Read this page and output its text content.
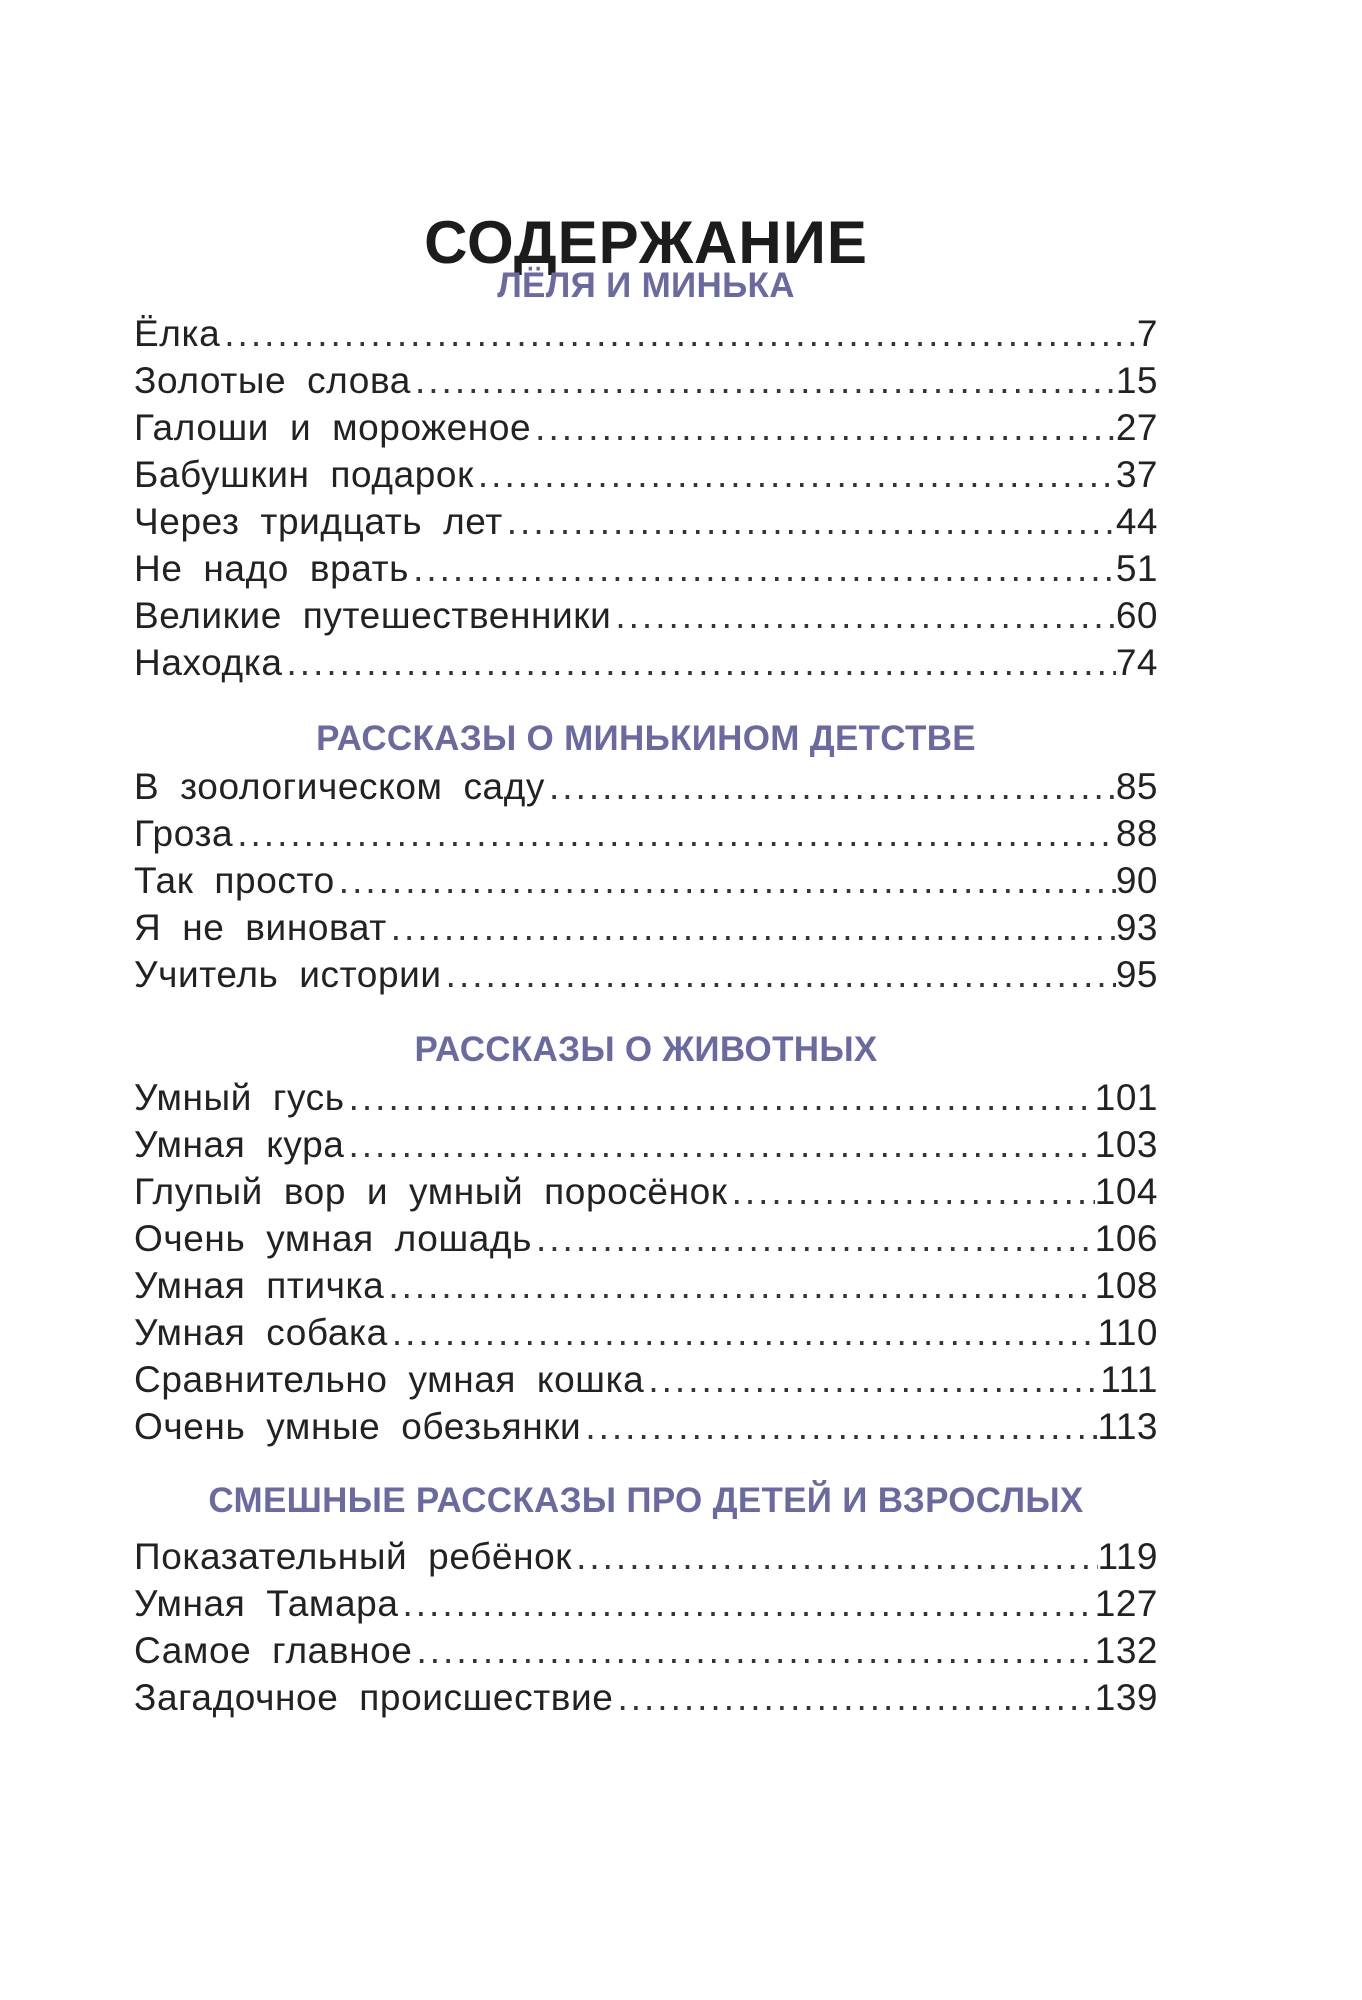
СОДЕРЖАНИЕ
ЛЁЛЯ И МИНЬКА
Ёлка .....	7
Золотые слова .....	15
Галоши и мороженое .....	27
Бабушкин подарок .....	37
Через тридцать лет .....	44
Не надо врать .....	51
Великие путешественники .....	60
Находка .....	74
РАССКАЗЫ О МИНЬКИНОМ ДЕТСТВЕ
В зоологическом саду .....	85
Гроза .....	88
Так просто .....	90
Я не виноват .....	93
Учитель истории .....	95
РАССКАЗЫ О ЖИВОТНЫХ
Умный гусь .....	101
Умная кура .....	103
Глупый вор и умный поросёнок .....	104
Очень умная лошадь .....	106
Умная птичка .....	108
Умная собака .....	110
Сравнительно умная кошка .....	111
Очень умные обезьянки .....	113
СМЕШНЫЕ РАССКАЗЫ ПРО ДЕТЕЙ И ВЗРОСЛЫХ
Показательный ребёнок .....	119
Умная Тамара .....	127
Самое главное .....	132
Загадочное происшествие .....	139
